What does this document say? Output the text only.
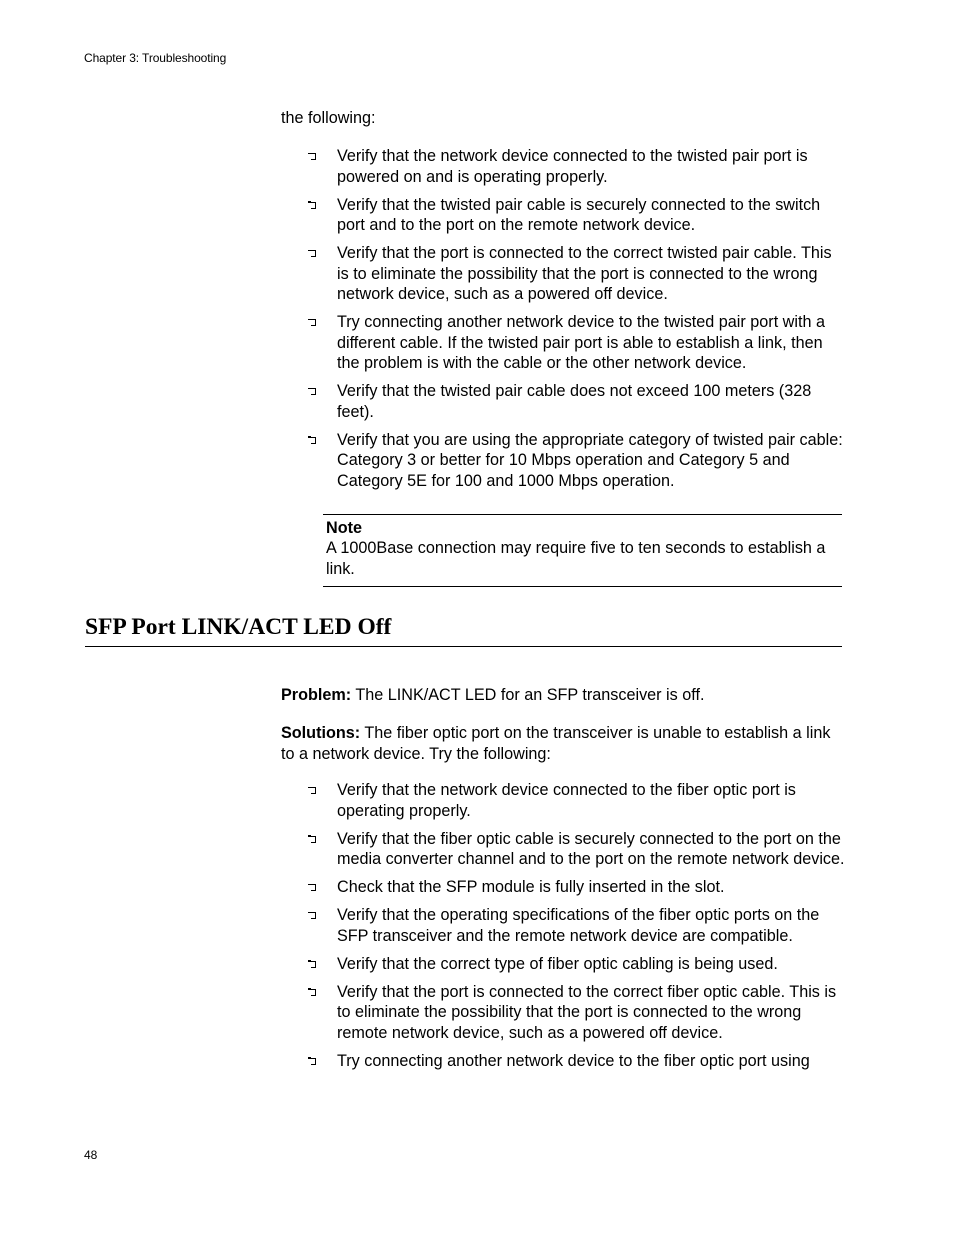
Chapter 3: Troubleshooting
the following:
Verify that the network device connected to the twisted pair port is powered on and is operating properly.
Verify that the twisted pair cable is securely connected to the switch port and to the port on the remote network device.
Verify that the port is connected to the correct twisted pair cable. This is to eliminate the possibility that the port is connected to the wrong network device, such as a powered off device.
Try connecting another network device to the twisted pair port with a different cable. If the twisted pair port is able to establish a link, then the problem is with the cable or the other network device.
Verify that the twisted pair cable does not exceed 100 meters (328 feet).
Verify that you are using the appropriate category of twisted pair cable: Category 3 or better for 10 Mbps operation and Category 5 and Category 5E for 100 and 1000 Mbps operation.
Note
A 1000Base connection may require five to ten seconds to establish a link.
SFP Port LINK/ACT LED Off
Problem: The LINK/ACT LED for an SFP transceiver is off.
Solutions: The fiber optic port on the transceiver is unable to establish a link to a network device. Try the following:
Verify that the network device connected to the fiber optic port is operating properly.
Verify that the fiber optic cable is securely connected to the port on the media converter channel and to the port on the remote network device.
Check that the SFP module is fully inserted in the slot.
Verify that the operating specifications of the fiber optic ports on the SFP transceiver and the remote network device are compatible.
Verify that the correct type of fiber optic cabling is being used.
Verify that the port is connected to the correct fiber optic cable. This is to eliminate the possibility that the port is connected to the wrong remote network device, such as a powered off device.
Try connecting another network device to the fiber optic port using
48
